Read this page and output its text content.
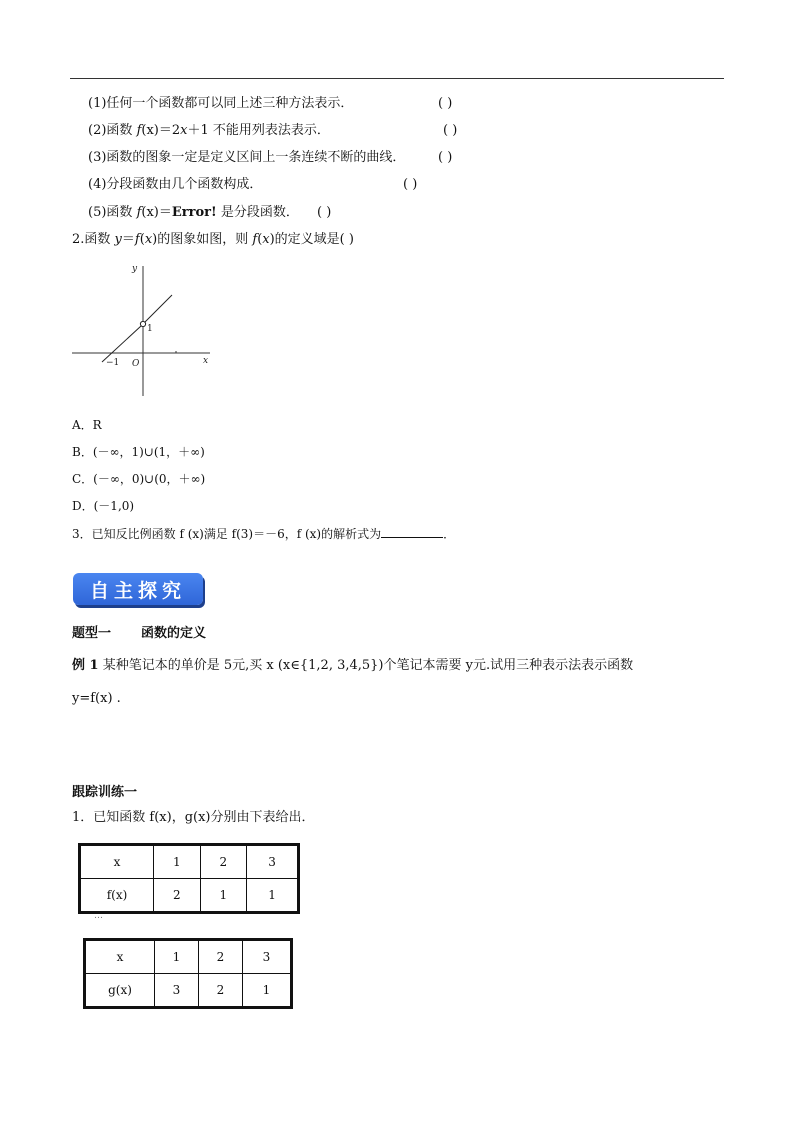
(1)任何一个函数都可以同上述三种方法表示．	( )
(2)函数 f(x)＝2x＋1 不能用列表法表示．	( )
(3)函数的图象一定是定义区间上一条连续不断的曲线．	( )
(4)分段函数由几个函数构成．	( )
(5)函数 f(x)＝Error! 是分段函数． ( )
2.函数 y＝f(x)的图象如图，则 f(x)的定义域是( )
y
x
O
−1
1
A．R
B．(－∞，1)∪(1，＋∞)
C．(－∞，0)∪(0，＋∞)
D．(－1,0)
3．已知反比例函数 f (x)满足 f(3)＝－6，f (x)的解析式为	．
自主探究
题型一 函数的定义
例 1 某种笔记本的单价是 5元,买 x (x∈{1,2, 3,4,5})个笔记本需要 y元.试用三种表示法表示函数
y=f(x) .
跟踪训练一
1．已知函数 f(x)，g(x)分别由下表给出．
x	1	2	3
f(x)	2	1	1
…
x	1	2	3
g(x)	3	2	1
